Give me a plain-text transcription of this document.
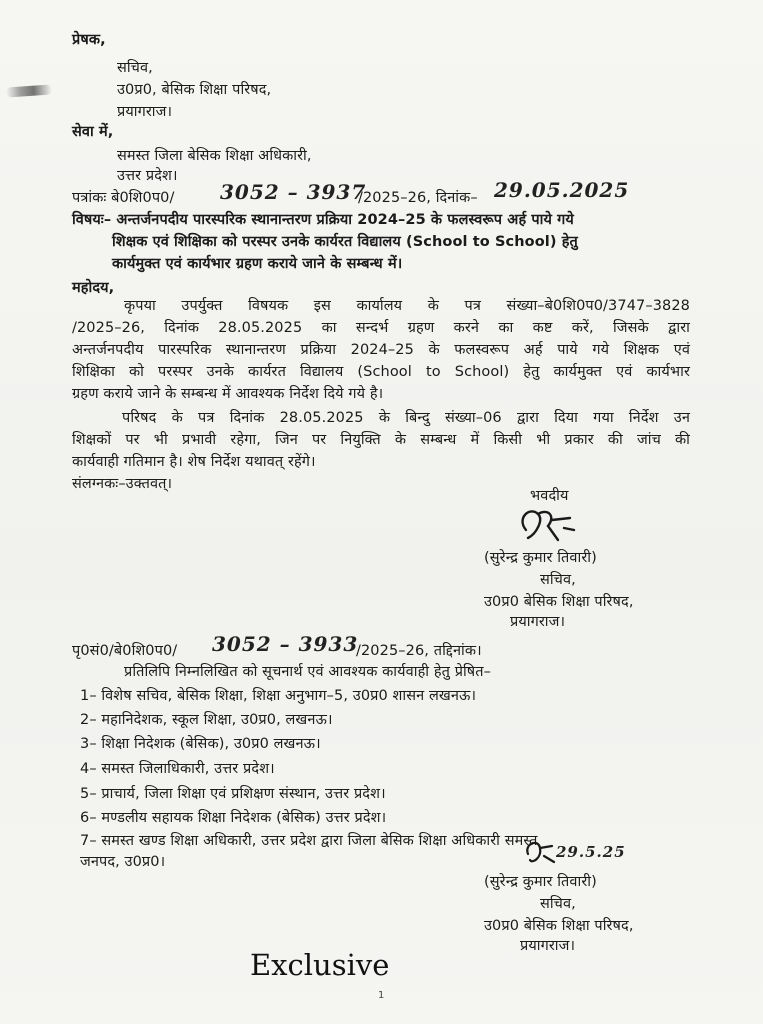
प्रेषक,
सचिव,
उ0प्र0, बेसिक शिक्षा परिषद,
प्रयागराज।
सेवा में,
समस्त जिला बेसिक शिक्षा अधिकारी,
उत्तर प्रदेश।
पत्रांकः बे0शि0प0/ 3052 – 3937
/2025–26, दिनांक– 29.05.2025
विषयः– अन्तर्जनपदीय पारस्परिक स्थानान्तरण प्रक्रिया 2024–25 के फलस्वरूप अर्ह पाये गये
शिक्षक एवं शिक्षिका को परस्पर उनके कार्यरत विद्यालय (School to School) हेतु
कार्यमुक्त एवं कार्यभार ग्रहण कराये जाने के सम्बन्ध में।
महोदय,
कृपया उपर्युक्त विषयक इस कार्यालय के पत्र संख्या–बे0शि0प0/3747–3828
/2025–26, दिनांक 28.05.2025 का सन्दर्भ ग्रहण करने का कष्ट करें, जिसके द्वारा
अन्तर्जनपदीय पारस्परिक स्थानान्तरण प्रक्रिया 2024–25 के फलस्वरूप अर्ह पाये गये शिक्षक एवं
शिक्षिका को परस्पर उनके कार्यरत विद्यालय (School to School) हेतु कार्यमुक्त एवं कार्यभार
ग्रहण कराये जाने के सम्बन्ध में आवश्यक निर्देश दिये गये है।
परिषद के पत्र दिनांक 28.05.2025 के बिन्दु संख्या–06 द्वारा दिया गया निर्देश उन
शिक्षकों पर भी प्रभावी रहेगा, जिन पर नियुक्ति के सम्बन्ध में किसी भी प्रकार की जांच की
कार्यवाही गतिमान है। शेष निर्देश यथावत् रहेंगे।
संलग्नकः–उक्तवत्।
भवदीय
(सुरेन्द्र कुमार तिवारी)
सचिव,
उ0प्र0 बेसिक शिक्षा परिषद,
प्रयागराज।
पृ0सं0/बे0शि0प0/ 3052 – 3933
/2025–26, तद्दिनांक।
प्रतिलिपि निम्नलिखित को सूचनार्थ एवं आवश्यक कार्यवाही हेतु प्रेषित–
1– विशेष सचिव, बेसिक शिक्षा, शिक्षा अनुभाग–5, उ0प्र0 शासन लखनऊ।
2– महानिदेशक, स्कूल शिक्षा, उ0प्र0, लखनऊ।
3– शिक्षा निदेशक (बेसिक), उ0प्र0 लखनऊ।
4– समस्त जिलाधिकारी, उत्तर प्रदेश।
5– प्राचार्य, जिला शिक्षा एवं प्रशिक्षण संस्थान, उत्तर प्रदेश।
6– मण्डलीय सहायक शिक्षा निदेशक (बेसिक) उत्तर प्रदेश।
7– समस्त खण्ड शिक्षा अधिकारी, उत्तर प्रदेश द्वारा जिला बेसिक शिक्षा अधिकारी समस्त
जनपद, उ0प्र0।
29.5.25
(सुरेन्द्र कुमार तिवारी)
सचिव,
उ0प्र0 बेसिक शिक्षा परिषद,
प्रयागराज।
Exclusive
1
